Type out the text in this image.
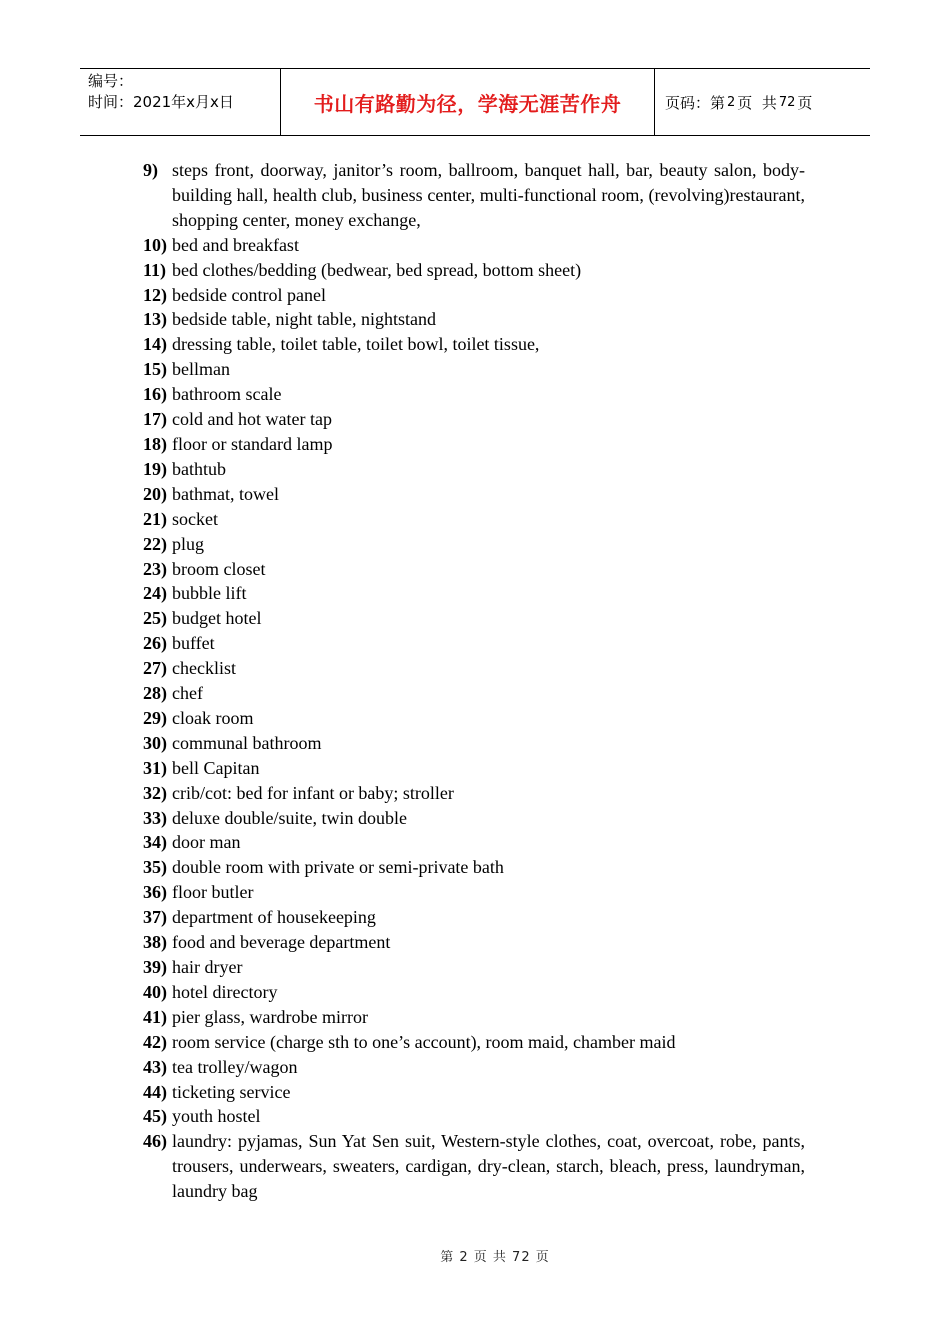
编号：
时间：2021年x月x日	书山有路勤为径，学海无涯苦作舟	页码：第 2 页  共 72 页
9) steps front, doorway, janitor’s room, ballroom, banquet hall, bar, beauty salon, body-building hall, health club, business center, multi-functional room, (revolving)restaurant, shopping center, money exchange,
10) bed and breakfast
11) bed clothes/bedding (bedwear, bed spread, bottom sheet)
12) bedside control panel
13) bedside table, night table, nightstand
14) dressing table, toilet table, toilet bowl, toilet tissue,
15) bellman
16) bathroom scale
17) cold and hot water tap
18) floor or standard lamp
19) bathtub
20) bathmat, towel
21) socket
22) plug
23) broom closet
24) bubble lift
25) budget hotel
26) buffet
27) checklist
28) chef
29) cloak room
30) communal bathroom
31) bell Capitan
32) crib/cot: bed for infant or baby; stroller
33) deluxe double/suite, twin double
34) door man
35) double room with private or semi-private bath
36) floor butler
37) department of housekeeping
38) food and beverage department
39) hair dryer
40) hotel directory
41) pier glass, wardrobe mirror
42) room service (charge sth to one’s account), room maid, chamber maid
43) tea trolley/wagon
44) ticketing service
45) youth hostel
46) laundry: pyjamas, Sun Yat Sen suit, Western-style clothes, coat, overcoat, robe, pants, trousers, underwears, sweaters, cardigan, dry-clean, starch, bleach, press, laundryman, laundry bag
第 2 页 共 72 页
